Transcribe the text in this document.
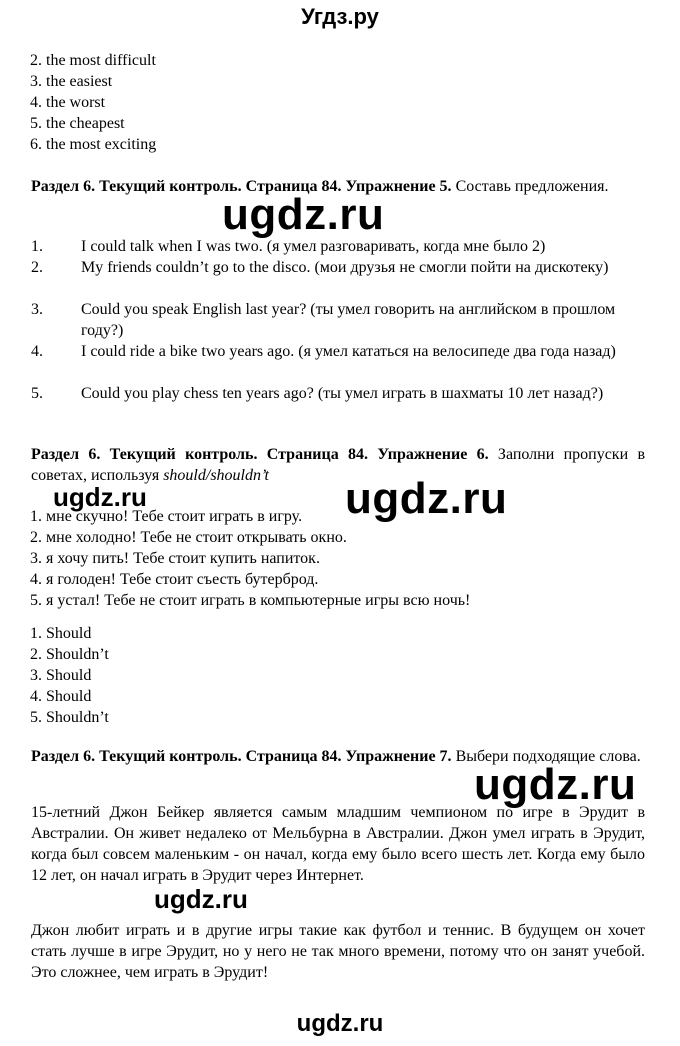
Угдз.ру
2. the most difficult
3. the easiest
4. the worst
5. the cheapest
6. the most exciting
Раздел 6. Текущий контроль. Страница 84. Упражнение 5. Составь предложения.
ugdz.ru
1. I could talk when I was two. (я умел разговаривать, когда мне было 2)
2. My friends couldn’t go to the disco. (мои друзья не смогли пойти на дискотеку)
3. Could you speak English last year? (ты умел говорить на английском в прошлом году?)
4. I could ride a bike two years ago. (я умел кататься на велосипеде два года назад)
5. Could you play chess ten years ago? (ты умел играть в шахматы 10 лет назад?)
Раздел 6. Текущий контроль. Страница 84. Упражнение 6. Заполни пропуски в советах, используя should/shouldn’t
ugdz.ru	ugdz.ru
1. мне скучно! Тебе стоит играть в игру.
2. мне холодно! Тебе не стоит открывать окно.
3. я хочу пить! Тебе стоит купить напиток.
4. я голоден! Тебе стоит съесть бутерброд.
5. я устал! Тебе не стоит играть в компьютерные игры всю ночь!
1. Should
2. Shouldn’t
3. Should
4. Should
5. Shouldn’t
Раздел 6. Текущий контроль. Страница 84. Упражнение 7. Выбери подходящие слова.
ugdz.ru
15-летний Джон Бейкер является самым младшим чемпионом по игре в Эрудит в Австралии. Он живет недалеко от Мельбурна в Австралии. Джон умел играть в Эрудит, когда был совсем маленьким - он начал, когда ему было всего шесть лет. Когда ему было 12 лет, он начал играть в Эрудит через Интернет.
ugdz.ru
Джон любит играть и в другие игры такие как футбол и теннис. В будущем он хочет стать лучше в игре Эрудит, но у него не так много времени, потому что он занят учебой. Это сложнее, чем играть в Эрудит!
ugdz.ru
